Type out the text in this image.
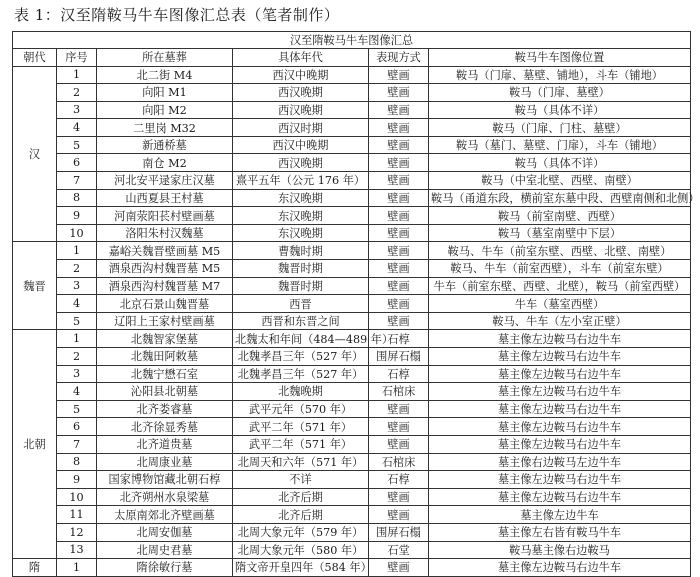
表 1：汉至隋鞍马牛车图像汇总表（笔者制作）
汉至隋鞍马牛车图像汇总					
朝代	序号	所在墓葬	具体年代	表现方式	鞍马牛车图像位置
汉	1	北二街 M4	西汉中晚期	壁画	鞍马（门扉、墓壁、铺地），斗车（铺地）
	2	向阳 M1	西汉晚期	壁画	鞍马（门扉、墓壁）
	3	向阳 M2	西汉晚期	壁画	鞍马（具体不详）
	4	二里岗 M32	西汉时期	壁画	鞍马（门扉、门柱、墓壁）
	5	新通桥墓	西汉中晚期	壁画	鞍马（墓门、墓壁、门扉），斗车（铺地）
	6	南仓 M2	西汉晚期	壁画	鞍马（具体不详）
	7	河北安平逯家庄汉墓	熹平五年（公元 176 年）	壁画	鞍马（中室北壁、西壁、南壁）
	8	山西夏县王村墓	东汉晚期	壁画	鞍马（甬道东段，横前室东墓中段、西壁南侧和北侧）
	9	河南荥阳苌村壁画墓	东汉晚期	壁画	鞍马（前室南壁、西壁）
	10	洛阳朱村汉魏墓	东汉晚期	壁画	鞍马（墓室南壁中下层）
魏晋	1	嘉峪关魏晋壁画墓 M5	曹魏时期	壁画	鞍马、牛车（前室东壁、西壁、北壁、南壁）
	2	酒泉西沟村魏晋墓 M5	魏晋时期	壁画	鞍马、牛车（前室西壁），斗车（前室东壁）
	3	酒泉西沟村魏晋墓 M7	魏晋时期	壁画	牛车（前室东壁、西壁、北壁），鞍马（前室西壁）
	4	北京石景山魏晋墓	西晋	壁画	牛车（墓室西壁）
	5	辽阳上王家村壁画墓	西晋和东晋之间	壁画	鞍马、牛车（左小室正壁）
北朝	1	北魏智家堡墓	北魏太和年间（484—489 年）	石椁	墓主像左边鞍马右边牛车
	2	北魏田阿敕墓	北魏孝昌三年（527 年）	围屏石榻	墓主像左边鞍马右边牛车
	3	北魏宁懋石室	北魏孝昌三年（527 年）	石椁	墓主像左边鞍马右边牛车
	4	沁阳县北朝墓	北魏晚期	石棺床	墓主像左边鞍马右边牛车
	5	北齐娄睿墓	武平元年（570 年）	壁画	墓主像左边鞍马右边牛车
	6	北齐徐显秀墓	武平二年（571 年）	壁画	墓主像左边鞍马右边牛车
	7	北齐道贵墓	武平二年（571 年）	壁画	墓主像左边鞍马右边牛车
	8	北周康业墓	北周天和六年（571 年）	石棺床	墓主像右边鞍马左边牛车
	9	国家博物馆藏北朝石椁	不详	石椁	墓主像左边鞍马右边牛车
	10	北齐朔州水泉梁墓	北齐后期	壁画	墓主像左边鞍马右边牛车
	11	太原南郊北齐壁画墓	北齐后期	壁画	墓主像左边牛车
	12	北周安伽墓	北周大象元年（579 年）	围屏石榻	墓主像左右皆有鞍马牛车
	13	北周史君墓	北周大象元年（580 年）	石堂	鞍马墓主像右边鞍马
隋	1	隋徐敏行墓	隋文帝开皇四年（584 年）	壁画	墓主像左边鞍马右边牛车
